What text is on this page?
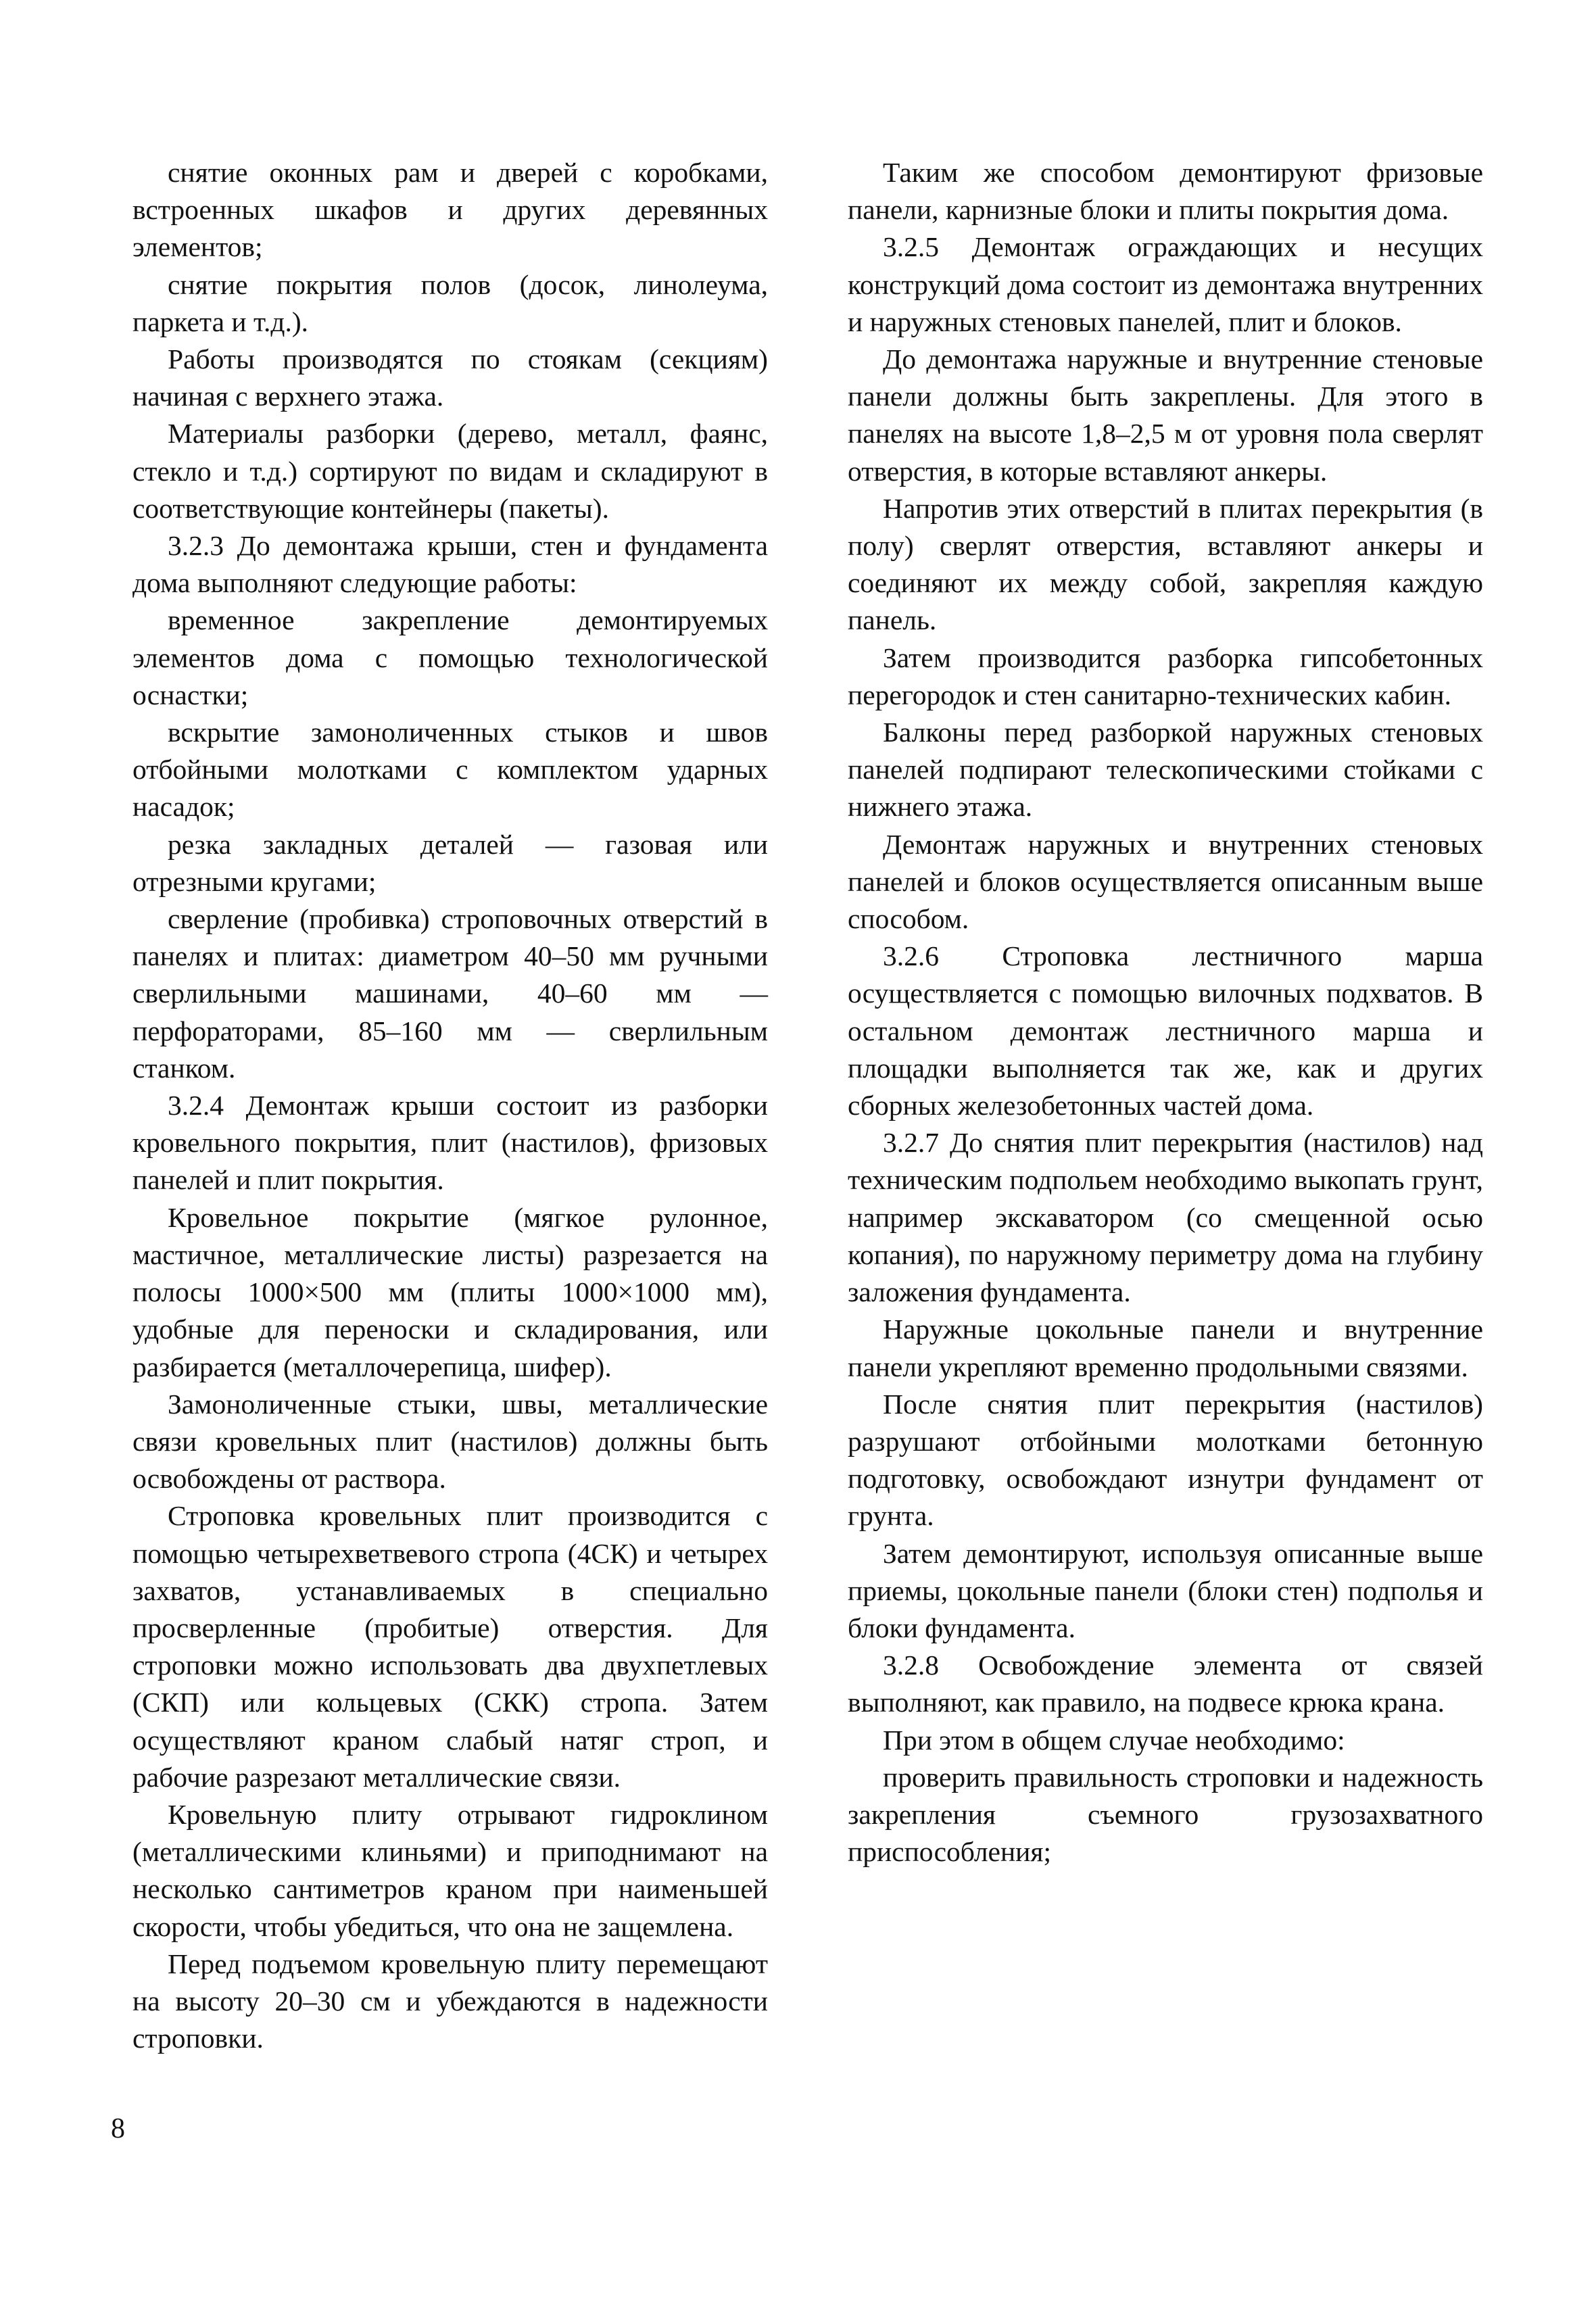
снятие оконных рам и дверей с коробками, встроенных шкафов и других деревянных элементов;

снятие покрытия полов (досок, линолеума, паркета и т.д.).

Работы производятся по стоякам (секциям) начиная с верхнего этажа.

Материалы разборки (дерево, металл, фаянс, стекло и т.д.) сортируют по видам и складируют в соответствующие контейнеры (пакеты).

3.2.3 До демонтажа крыши, стен и фундамента дома выполняют следующие работы:

временное закрепление демонтируемых элементов дома с помощью технологической оснастки;

вскрытие замоноличенных стыков и швов отбойными молотками с комплектом ударных насадок;

резка закладных деталей — газовая или отрезными кругами;

сверление (пробивка) строповочных отверстий в панелях и плитах: диаметром 40–50 мм ручными сверлильными машинами, 40–60 мм — перфораторами, 85–160 мм — сверлильным станком.

3.2.4 Демонтаж крыши состоит из разборки кровельного покрытия, плит (настилов), фризовых панелей и плит покрытия.

Кровельное покрытие (мягкое рулонное, мастичное, металлические листы) разрезается на полосы 1000×500 мм (плиты 1000×1000 мм), удобные для переноски и складирования, или разбирается (металлочерепица, шифер).

Замоноличенные стыки, швы, металлические связи кровельных плит (настилов) должны быть освобождены от раствора.

Строповка кровельных плит производится с помощью четырехветвевого стропа (4СК) и четырех захватов, устанавливаемых в специально просверленные (пробитые) отверстия. Для строповки можно использовать два двухпетлевых (СКП) или кольцевых (СКК) стропа. Затем осуществляют краном слабый натяг строп, и рабочие разрезают металлические связи.

Кровельную плиту отрывают гидроклином (металлическими клиньями) и приподнимают на несколько сантиметров краном при наименьшей скорости, чтобы убедиться, что она не защемлена.

Перед подъемом кровельную плиту перемещают на высоту 20–30 см и убеждаются в надежности строповки.

Таким же способом демонтируют фризовые панели, карнизные блоки и плиты покрытия дома.

3.2.5 Демонтаж ограждающих и несущих конструкций дома состоит из демонтажа внутренних и наружных стеновых панелей, плит и блоков.

До демонтажа наружные и внутренние стеновые панели должны быть закреплены. Для этого в панелях на высоте 1,8–2,5 м от уровня пола сверлят отверстия, в которые вставляют анкеры.

Напротив этих отверстий в плитах перекрытия (в полу) сверлят отверстия, вставляют анкеры и соединяют их между собой, закрепляя каждую панель.

Затем производится разборка гипсобетонных перегородок и стен санитарно-технических кабин.

Балконы перед разборкой наружных стеновых панелей подпирают телескопическими стойками с нижнего этажа.

Демонтаж наружных и внутренних стеновых панелей и блоков осуществляется описанным выше способом.

3.2.6 Строповка лестничного марша осуществляется с помощью вилочных подхватов. В остальном демонтаж лестничного марша и площадки выполняется так же, как и других сборных железобетонных частей дома.

3.2.7 До снятия плит перекрытия (настилов) над техническим подпольем необходимо выкопать грунт, например экскаватором (со смещенной осью копания), по наружному периметру дома на глубину заложения фундамента.

Наружные цокольные панели и внутренние панели укрепляют временно продольными связями.

После снятия плит перекрытия (настилов) разрушают отбойными молотками бетонную подготовку, освобождают изнутри фундамент от грунта.

Затем демонтируют, используя описанные выше приемы, цокольные панели (блоки стен) подполья и блоки фундамента.

3.2.8 Освобождение элемента от связей выполняют, как правило, на подвесе крюка крана.

При этом в общем случае необходимо:

проверить правильность строповки и надежность закрепления съемного грузозахватного приспособления;

8
